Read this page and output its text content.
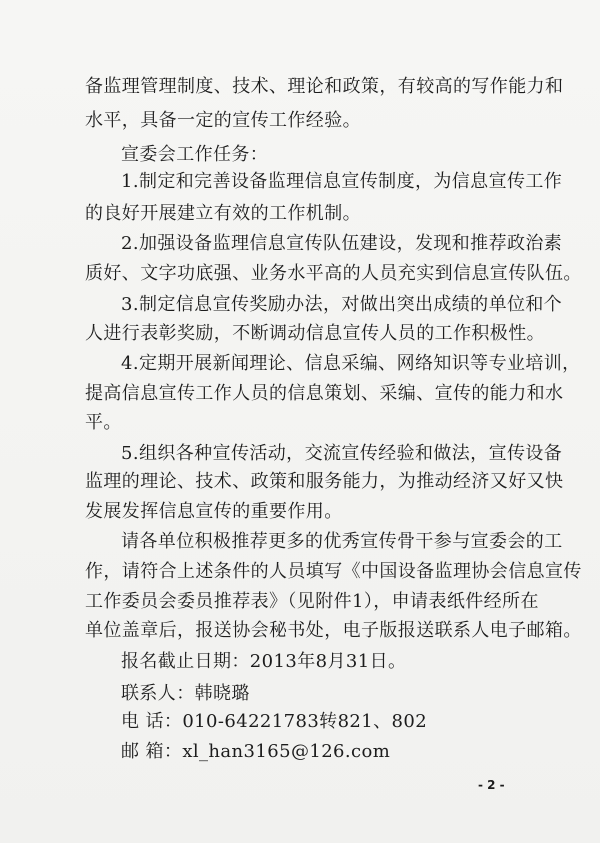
备监理管理制度、技术、理论和政策，有较高的写作能力和
水平，具备一定的宣传工作经验。
宣委会工作任务：
1.制定和完善设备监理信息宣传制度，为信息宣传工作
的良好开展建立有效的工作机制。
2.加强设备监理信息宣传队伍建设，发现和推荐政治素
质好、文字功底强、业务水平高的人员充实到信息宣传队伍。
3.制定信息宣传奖励办法，对做出突出成绩的单位和个
人进行表彰奖励，不断调动信息宣传人员的工作积极性。
4.定期开展新闻理论、信息采编、网络知识等专业培训，
提高信息宣传工作人员的信息策划、采编、宣传的能力和水
平。
5.组织各种宣传活动，交流宣传经验和做法，宣传设备
监理的理论、技术、政策和服务能力，为推动经济又好又快
发展发挥信息宣传的重要作用。
请各单位积极推荐更多的优秀宣传骨干参与宣委会的工
作，请符合上述条件的人员填写《中国设备监理协会信息宣传
工作委员会委员推荐表》（见附件1），申请表纸件经所在
单位盖章后，报送协会秘书处，电子版报送联系人电子邮箱。
报名截止日期：2013年8月31日。
联系人：韩晓璐
电 话：010-64221783转821、802
邮 箱：xl_han3165@126.com
- 2 -
